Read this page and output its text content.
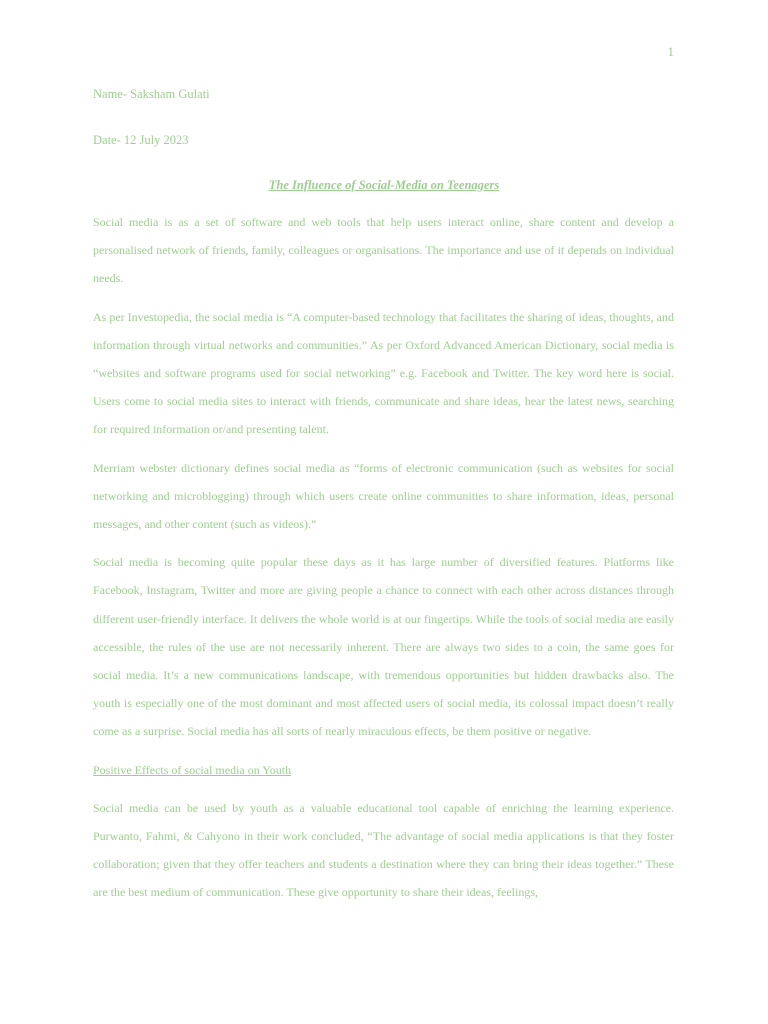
1
Name- Saksham Gulati
Date- 12 July 2023
The Influence of Social-Media on Teenagers

Social media is as a set of software and web tools that help users interact online, share content and develop a personalised network of friends, family, colleagues or organisations. The importance and use of it depends on individual needs.

As per Investopedia, the social media is “A computer-based technology that facilitates the sharing of ideas, thoughts, and information through virtual networks and communities.” As per Oxford Advanced American Dictionary, social media is “websites and software programs used for social networking” e.g. Facebook and Twitter. The key word here is social. Users come to social media sites to interact with friends, communicate and share ideas, hear the latest news, searching for required information or/and presenting talent.

Merriam webster dictionary defines social media as “forms of electronic communication (such as websites for social networking and microblogging) through which users create online communities to share information, ideas, personal messages, and other content (such as videos).”

Social media is becoming quite popular these days as it has large number of diversified features. Platforms like Facebook, Instagram, Twitter and more are giving people a chance to connect with each other across distances through different user-friendly interface. It delivers the whole world is at our fingertips. While the tools of social media are easily accessible, the rules of the use are not necessarily inherent. There are always two sides to a coin, the same goes for social media. It’s a new communications landscape, with tremendous opportunities but hidden drawbacks also. The youth is especially one of the most dominant and most affected users of social media, its colossal impact doesn’t really come as a surprise. Social media has all sorts of nearly miraculous effects, be them positive or negative.

Positive Effects of social media on Youth

Social media can be used by youth as a valuable educational tool capable of enriching the learning experience. Purwanto, Fahmi, & Cahyono in their work concluded, “The advantage of social media applications is that they foster collaboration; given that they offer teachers and students a destination where they can bring their ideas together.” These are the best medium of communication. These give opportunity to share their ideas, feelings,
